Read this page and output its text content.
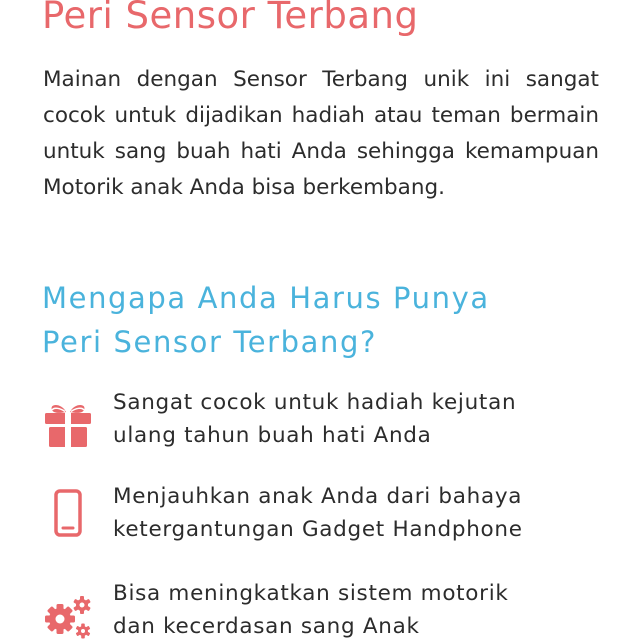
Peri Sensor Terbang

Mainan dengan Sensor Terbang unik ini sangat cocok untuk dijadikan hadiah atau teman bermain untuk sang buah hati Anda sehingga kemampuan Motorik anak Anda bisa berkembang.

Mengapa Anda Harus Punya
Peri Sensor Terbang?

Sangat cocok untuk hadiah kejutan
ulang tahun buah hati Anda

Menjauhkan anak Anda dari bahaya
ketergantungan Gadget Handphone

Bisa meningkatkan sistem motorik
dan kecerdasan sang Anak
